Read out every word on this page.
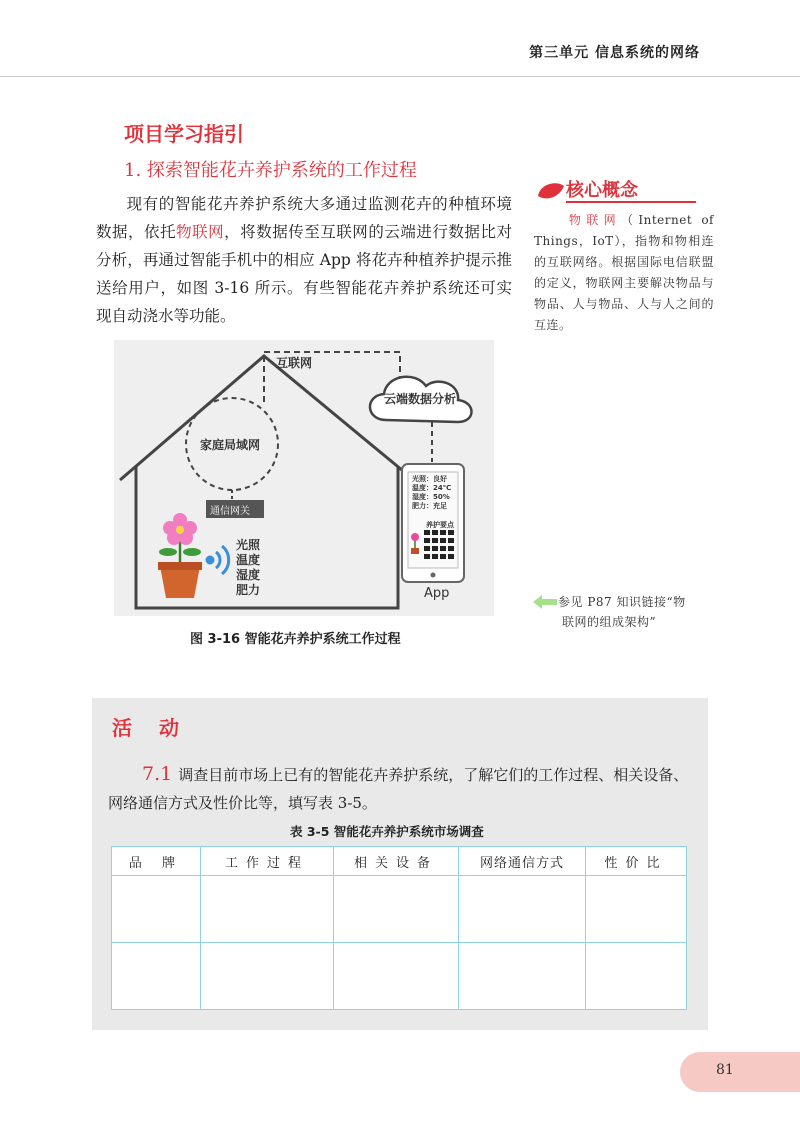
第三单元 信息系统的网络
项目学习指引
1. 探索智能花卉养护系统的工作过程
现有的智能花卉养护系统大多通过监测花卉的种植环境数据，依托物联网，将数据传至互联网的云端进行数据比对分析，再通过智能手机中的相应 App 将花卉种植养护提示推送给用户，如图 3-16 所示。有些智能花卉养护系统还可实现自动浇水等功能。
核心概念
物联网（Internet of Things，IoT），指物和物相连的互联网络。根据国际电信联盟的定义，物联网主要解决物品与物品、人与物品、人与人之间的互连。
参见 P87 知识链接“物
联网的组成架构”
互联网
云端数据分析
家庭局域网
通信网关
光照
温度
湿度
肥力
光照：良好
温度：24℃
湿度：50%
肥力：充足
养护要点
App
图 3-16 智能花卉养护系统工作过程
活 动
7.1 调查目前市场上已有的智能花卉养护系统，了解它们的工作过程、相关设备、网络通信方式及性价比等，填写表 3-5。
表 3-5 智能花卉养护系统市场调查
品 牌	工作过程	相关设备	网络通信方式	性价比

81
